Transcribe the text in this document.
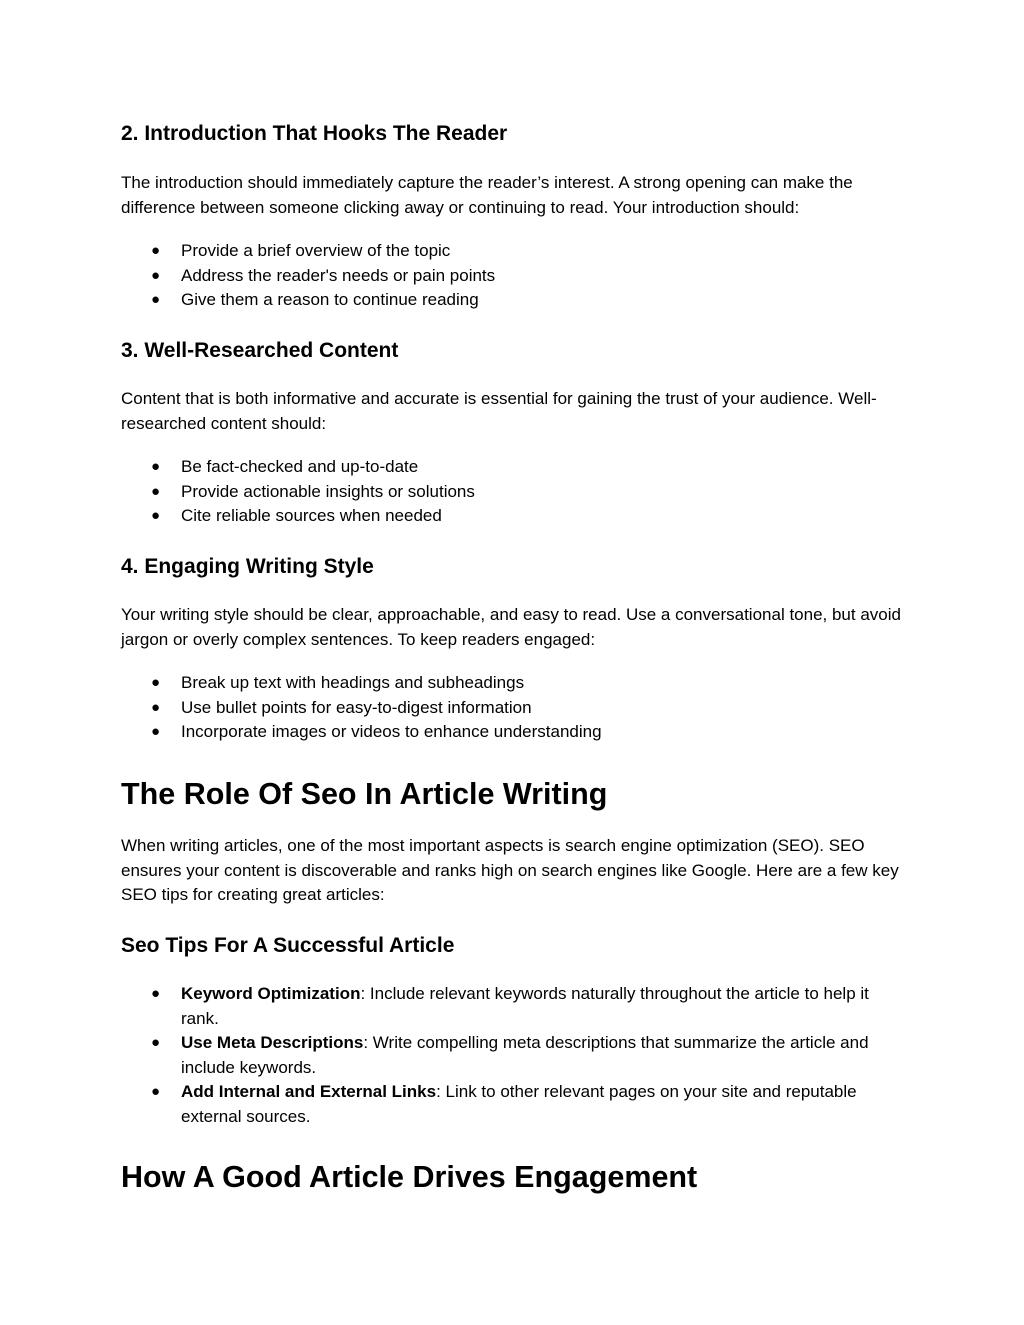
2. Introduction That Hooks The Reader

The introduction should immediately capture the reader’s interest. A strong opening can make the difference between someone clicking away or continuing to read. Your introduction should:

● Provide a brief overview of the topic
● Address the reader's needs or pain points
● Give them a reason to continue reading
3. Well-Researched Content

Content that is both informative and accurate is essential for gaining the trust of your audience. Well-researched content should:

● Be fact-checked and up-to-date
● Provide actionable insights or solutions
● Cite reliable sources when needed
4. Engaging Writing Style

Your writing style should be clear, approachable, and easy to read. Use a conversational tone, but avoid jargon or overly complex sentences. To keep readers engaged:

● Break up text with headings and subheadings
● Use bullet points for easy-to-digest information
● Incorporate images or videos to enhance understanding
The Role Of Seo In Article Writing

When writing articles, one of the most important aspects is search engine optimization (SEO). SEO ensures your content is discoverable and ranks high on search engines like Google. Here are a few key SEO tips for creating great articles:

Seo Tips For A Successful Article
● Keyword Optimization: Include relevant keywords naturally throughout the article to help it rank.
● Use Meta Descriptions: Write compelling meta descriptions that summarize the article and include keywords.
● Add Internal and External Links: Link to other relevant pages on your site and reputable external sources.
How A Good Article Drives Engagement
